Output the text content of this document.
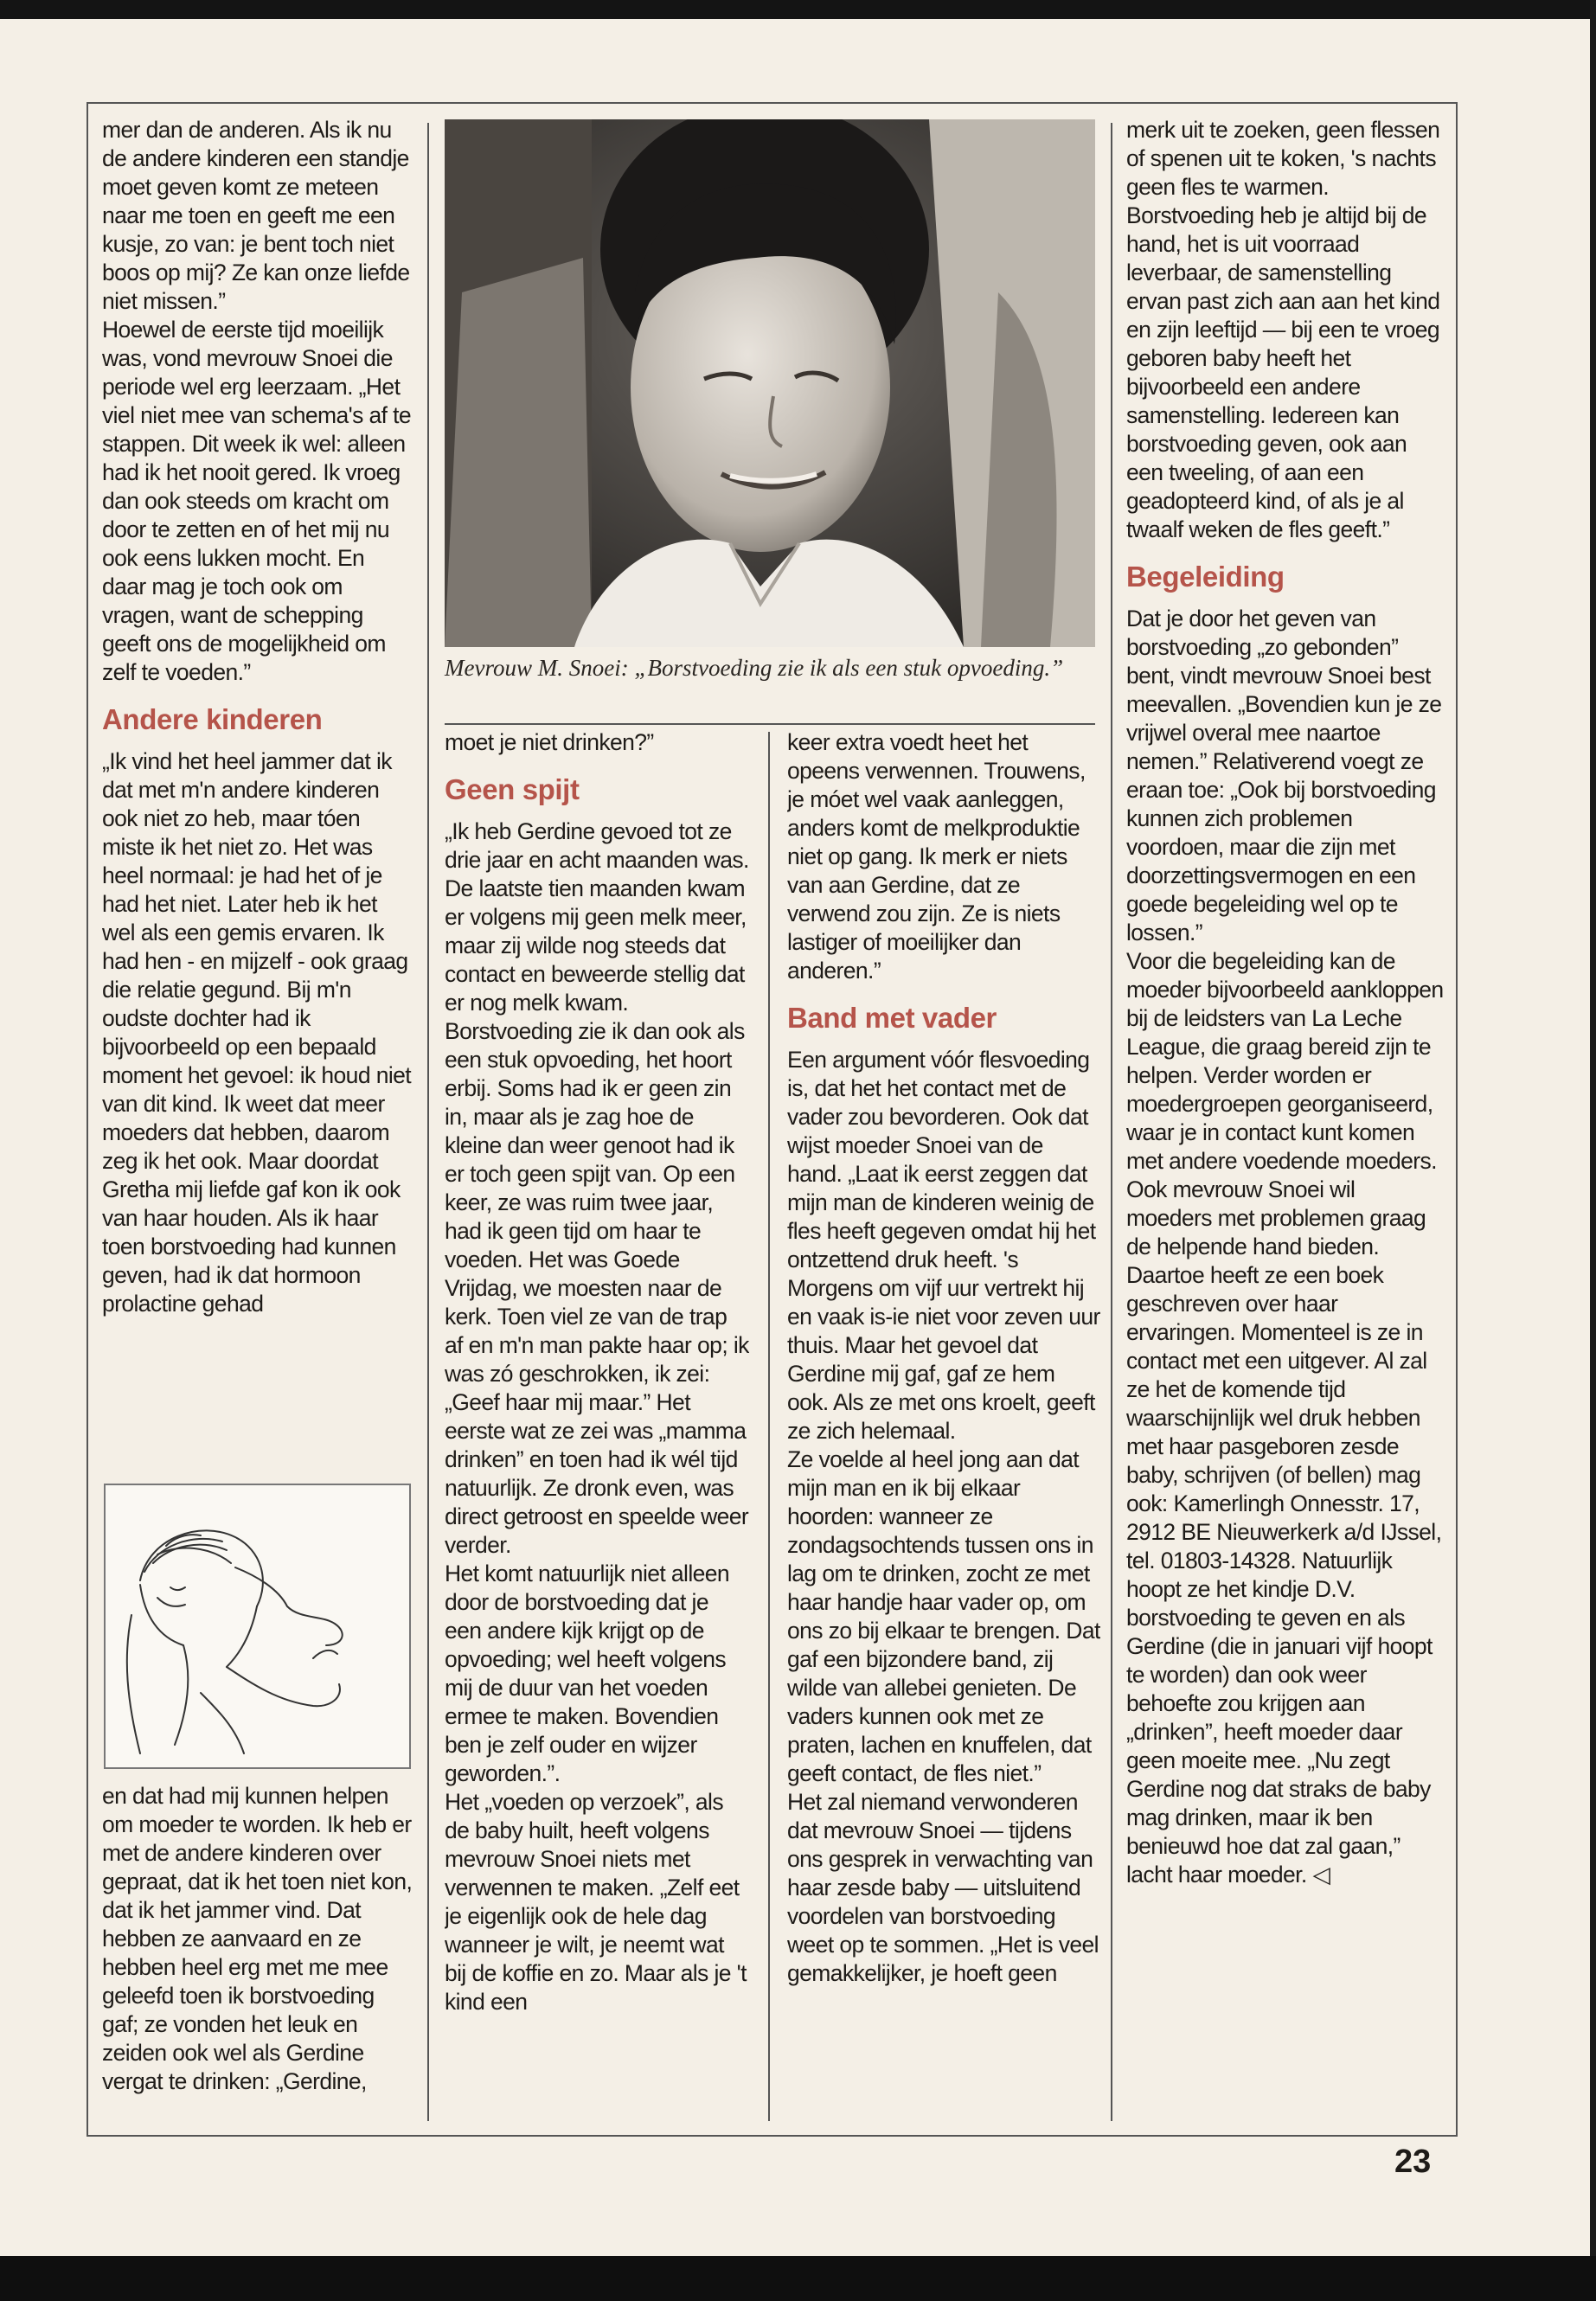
mer dan de anderen. Als ik nu de andere kinderen een standje moet geven komt ze meteen naar me toen en geeft me een kusje, zo van: je bent toch niet boos op mij? Ze kan onze liefde niet missen.”

Hoewel de eerste tijd moeilijk was, vond mevrouw Snoei die periode wel erg leerzaam. „Het viel niet mee van schema's af te stappen. Dit week ik wel: alleen had ik het nooit gered. Ik vroeg dan ook steeds om kracht om door te zetten en of het mij nu ook eens lukken mocht. En daar mag je toch ook om vragen, want de schepping geeft ons de mogelijkheid om zelf te voeden.”

Andere kinderen

„Ik vind het heel jammer dat ik dat met m'n andere kinderen ook niet zo heb, maar tóen miste ik het niet zo. Het was heel normaal: je had het of je had het niet. Later heb ik het wel als een gemis ervaren. Ik had hen - en mijzelf - ook graag die relatie gegund. Bij m'n oudste dochter had ik bijvoorbeeld op een bepaald moment het gevoel: ik houd niet van dit kind. Ik weet dat meer moeders dat hebben, daarom zeg ik het ook. Maar doordat Gretha mij liefde gaf kon ik ook van haar houden. Als ik haar toen borstvoeding had kunnen geven, had ik dat hormoon prolactine gehad

en dat had mij kunnen helpen om moeder te worden. Ik heb er met de andere kinderen over gepraat, dat ik het toen niet kon, dat ik het jammer vind. Dat hebben ze aanvaard en ze hebben heel erg met me mee geleefd toen ik borstvoeding gaf; ze vonden het leuk en zeiden ook wel als Gerdine vergat te drinken: „Gerdine,

Mevrouw M. Snoei: „Borstvoeding zie ik als een stuk opvoeding.”

moet je niet drinken?”

Geen spijt

„Ik heb Gerdine gevoed tot ze drie jaar en acht maanden was. De laatste tien maanden kwam er volgens mij geen melk meer, maar zij wilde nog steeds dat contact en beweerde stellig dat er nog melk kwam. Borstvoeding zie ik dan ook als een stuk opvoeding, het hoort erbij. Soms had ik er geen zin in, maar als je zag hoe de kleine dan weer genoot had ik er toch geen spijt van. Op een keer, ze was ruim twee jaar, had ik geen tijd om haar te voeden. Het was Goede Vrijdag, we moesten naar de kerk. Toen viel ze van de trap af en m'n man pakte haar op; ik was zó geschrokken, ik zei: „Geef haar mij maar.” Het eerste wat ze zei was „mamma drinken” en toen had ik wél tijd natuurlijk. Ze dronk even, was direct getroost en speelde weer verder.

Het komt natuurlijk niet alleen door de borstvoeding dat je een andere kijk krijgt op de opvoeding; wel heeft volgens mij de duur van het voeden ermee te maken. Bovendien ben je zelf ouder en wijzer geworden.”.

Het „voeden op verzoek”, als de baby huilt, heeft volgens mevrouw Snoei niets met verwennen te maken. „Zelf eet je eigenlijk ook de hele dag wanneer je wilt, je neemt wat bij de koffie en zo. Maar als je 't kind een

keer extra voedt heet het opeens verwennen. Trouwens, je móet wel vaak aanleggen, anders komt de melkproduktie niet op gang. Ik merk er niets van aan Gerdine, dat ze verwend zou zijn. Ze is niets lastiger of moeilijker dan anderen.”

Band met vader

Een argument vóór flesvoeding is, dat het het contact met de vader zou bevorderen. Ook dat wijst moeder Snoei van de hand. „Laat ik eerst zeggen dat mijn man de kinderen weinig de fles heeft gegeven omdat hij het ontzettend druk heeft. 's Morgens om vijf uur vertrekt hij en vaak is-ie niet voor zeven uur thuis. Maar het gevoel dat Gerdine mij gaf, gaf ze hem ook. Als ze met ons kroelt, geeft ze zich helemaal.

Ze voelde al heel jong aan dat mijn man en ik bij elkaar hoorden: wanneer ze zondagsochtends tussen ons in lag om te drinken, zocht ze met haar handje haar vader op, om ons zo bij elkaar te brengen. Dat gaf een bijzondere band, zij wilde van allebei genieten. De vaders kunnen ook met ze praten, lachen en knuffelen, dat geeft contact, de fles niet.”

Het zal niemand verwonderen dat mevrouw Snoei — tijdens ons gesprek in verwachting van haar zesde baby — uitsluitend voordelen van borstvoeding weet op te sommen. „Het is veel gemakkelijker, je hoeft geen

merk uit te zoeken, geen flessen of spenen uit te koken, 's nachts geen fles te warmen. Borstvoeding heb je altijd bij de hand, het is uit voorraad leverbaar, de samenstelling ervan past zich aan aan het kind en zijn leeftijd — bij een te vroeg geboren baby heeft het bijvoorbeeld een andere samenstelling. Iedereen kan borstvoeding geven, ook aan een tweeling, of aan een geadopteerd kind, of als je al twaalf weken de fles geeft.”

Begeleiding

Dat je door het geven van borstvoeding „zo gebonden” bent, vindt mevrouw Snoei best meevallen. „Bovendien kun je ze vrijwel overal mee naartoe nemen.” Relativerend voegt ze eraan toe: „Ook bij borstvoeding kunnen zich problemen voordoen, maar die zijn met doorzettingsvermogen en een goede begeleiding wel op te lossen.”

Voor die begeleiding kan de moeder bijvoorbeeld aankloppen bij de leidsters van La Leche League, die graag bereid zijn te helpen. Verder worden er moedergroepen georganiseerd, waar je in contact kunt komen met andere voedende moeders. Ook mevrouw Snoei wil moeders met problemen graag de helpende hand bieden. Daartoe heeft ze een boek geschreven over haar ervaringen. Momenteel is ze in contact met een uitgever. Al zal ze het de komende tijd waarschijnlijk wel druk hebben met haar pasgeboren zesde baby, schrijven (of bellen) mag ook: Kamerlingh Onnesstr. 17, 2912 BE Nieuwerkerk a/d IJssel, tel. 01803-14328. Natuurlijk hoopt ze het kindje D.V. borstvoeding te geven en als Gerdine (die in januari vijf hoopt te worden) dan ook weer behoefte zou krijgen aan „drinken”, heeft moeder daar geen moeite mee. „Nu zegt Gerdine nog dat straks de baby mag drinken, maar ik ben benieuwd hoe dat zal gaan,” lacht haar moeder. ◁

23
